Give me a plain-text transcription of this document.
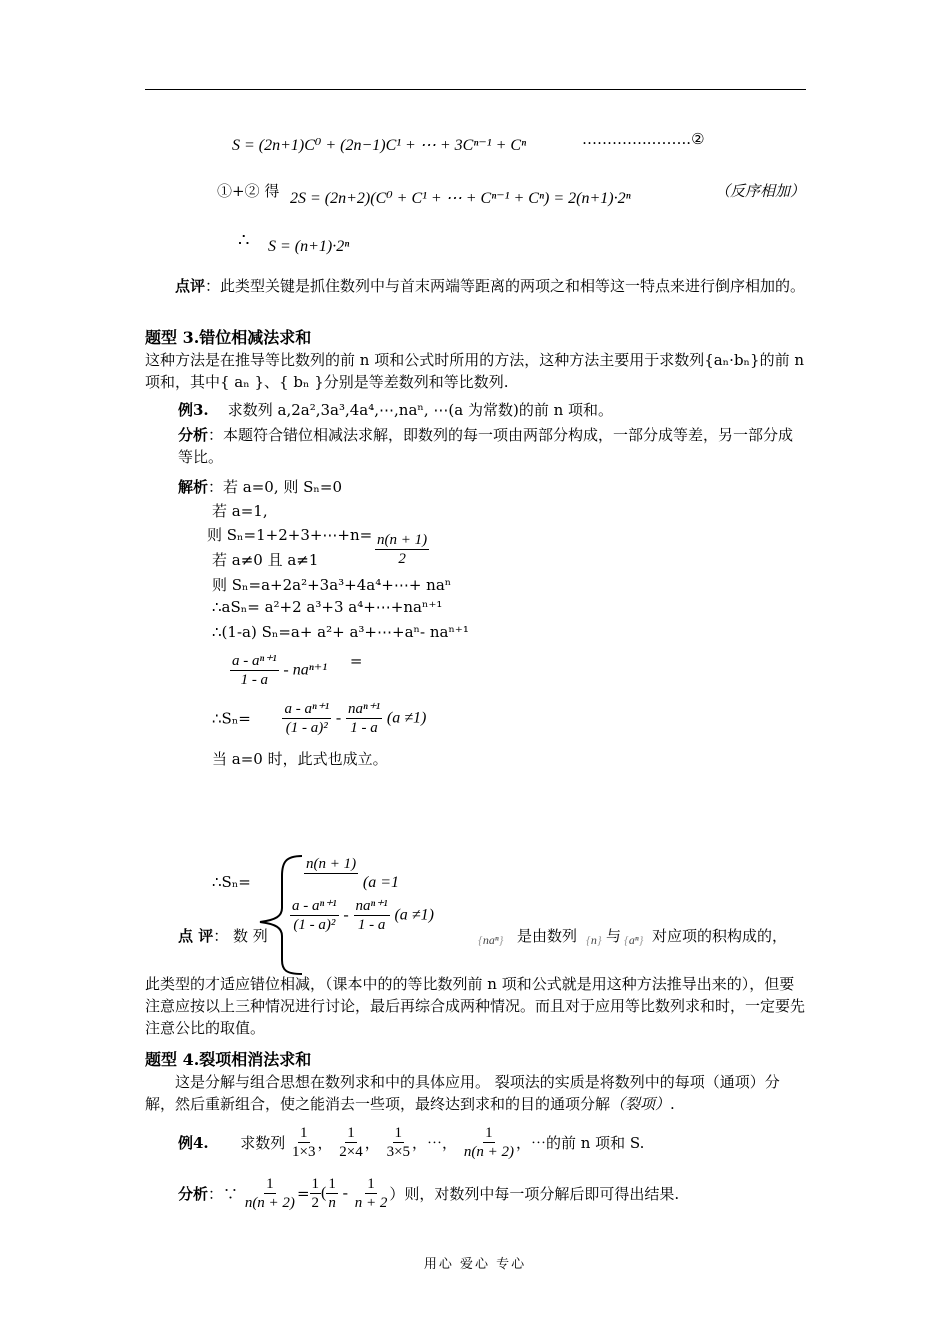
S = (2n+1)C⁰ + (2n−1)C¹ + ⋯ + 3Cⁿ⁻¹ + Cⁿ	…………..……..②
①+② 得 2S = (2n+2)(C⁰ + C¹ + ⋯ + Cⁿ⁻¹ + Cⁿ) = 2(n+1)·2ⁿ	（反序相加）
∴ S = (n+1)·2ⁿ
点评：此类型关键是抓住数列中与首末两端等距离的两项之和相等这一特点来进行倒序相加的。
题型 3.错位相减法求和
这种方法是在推导等比数列的前 n 项和公式时所用的方法，这种方法主要用于求数列{aₙ·bₙ}的前 n 项和，其中{ aₙ }、{ bₙ }分别是等差数列和等比数列.
例3. 求数列 a,2a²,3a³,4a⁴,⋯,naⁿ, ⋯(a 为常数)的前 n 项和。
分析：本题符合错位相减法求解，即数列的每一项由两部分构成，一部分成等差，另一部分成等比。
解析：若 a=0, 则 Sₙ=0
若 a=1,
则 Sₙ=1+2+3+⋯+n= $\frac{n(n + 1)}{2}$
若 a≠0 且 a≠1
则 Sₙ=a+2a²+3a³+4a⁴+⋯+ naⁿ
∴aSₙ= a²+2 a³+3 a⁴+⋯+naⁿ⁺¹
∴(1-a) Sₙ=a+ a²+ a³+⋯+aⁿ- naⁿ⁺¹
$\frac{\text{a - aⁿ⁺¹}}{1 - a} - na^{n+1}$ =
∴Sₙ= $\frac{\text{a - aⁿ⁺¹}}{\text{(1 - a)²}} - \frac{\text{naⁿ⁺¹}}{1 - a} (a \ne 1)$
当 a=0 时，此式也成立。
∴Sₙ=	$\frac{n(n + 1)}{2} (a =1$
$\frac{\text{a - aⁿ⁺¹}}{\text{(1 - a)²}} - \frac{\text{naⁿ⁺¹}}{1 - a} (a \ne 1)$
点 评： 数 列	{naⁿ} 是由数列 {n} 与 {aⁿ} 对应项的积构成的，
此类型的才适应错位相减，（课本中的的等比数列前 n 项和公式就是用这种方法推导出来的），但要注意应按以上三种情况进行讨论，最后再综合成两种情况。而且对于应用等比数列求和时，一定要先注意公比的取值。
题型 4.裂项相消法求和
这是分解与组合思想在数列求和中的具体应用。 裂项法的实质是将数列中的每项（通项）分解，然后重新组合，使之能消去一些项，最终达到求和的目的通项分解（裂项）.
例4. 求数列 $\frac{1}{1\times 3}$ ， $\frac{1}{2\times 4}$ ， $\frac{1}{3\times 5}$ ，⋯， $\frac{1}{n(n + 2)}$ ，⋯的前 n 项和 S.
分析：∵ $\frac{1}{n(n + 2)} = \frac{1}{2}$ ( $\frac{1}{n} - \frac{1}{n + 2}$ ）则，对数列中每一项分解后即可得出结果.
用心 爱心 专心
